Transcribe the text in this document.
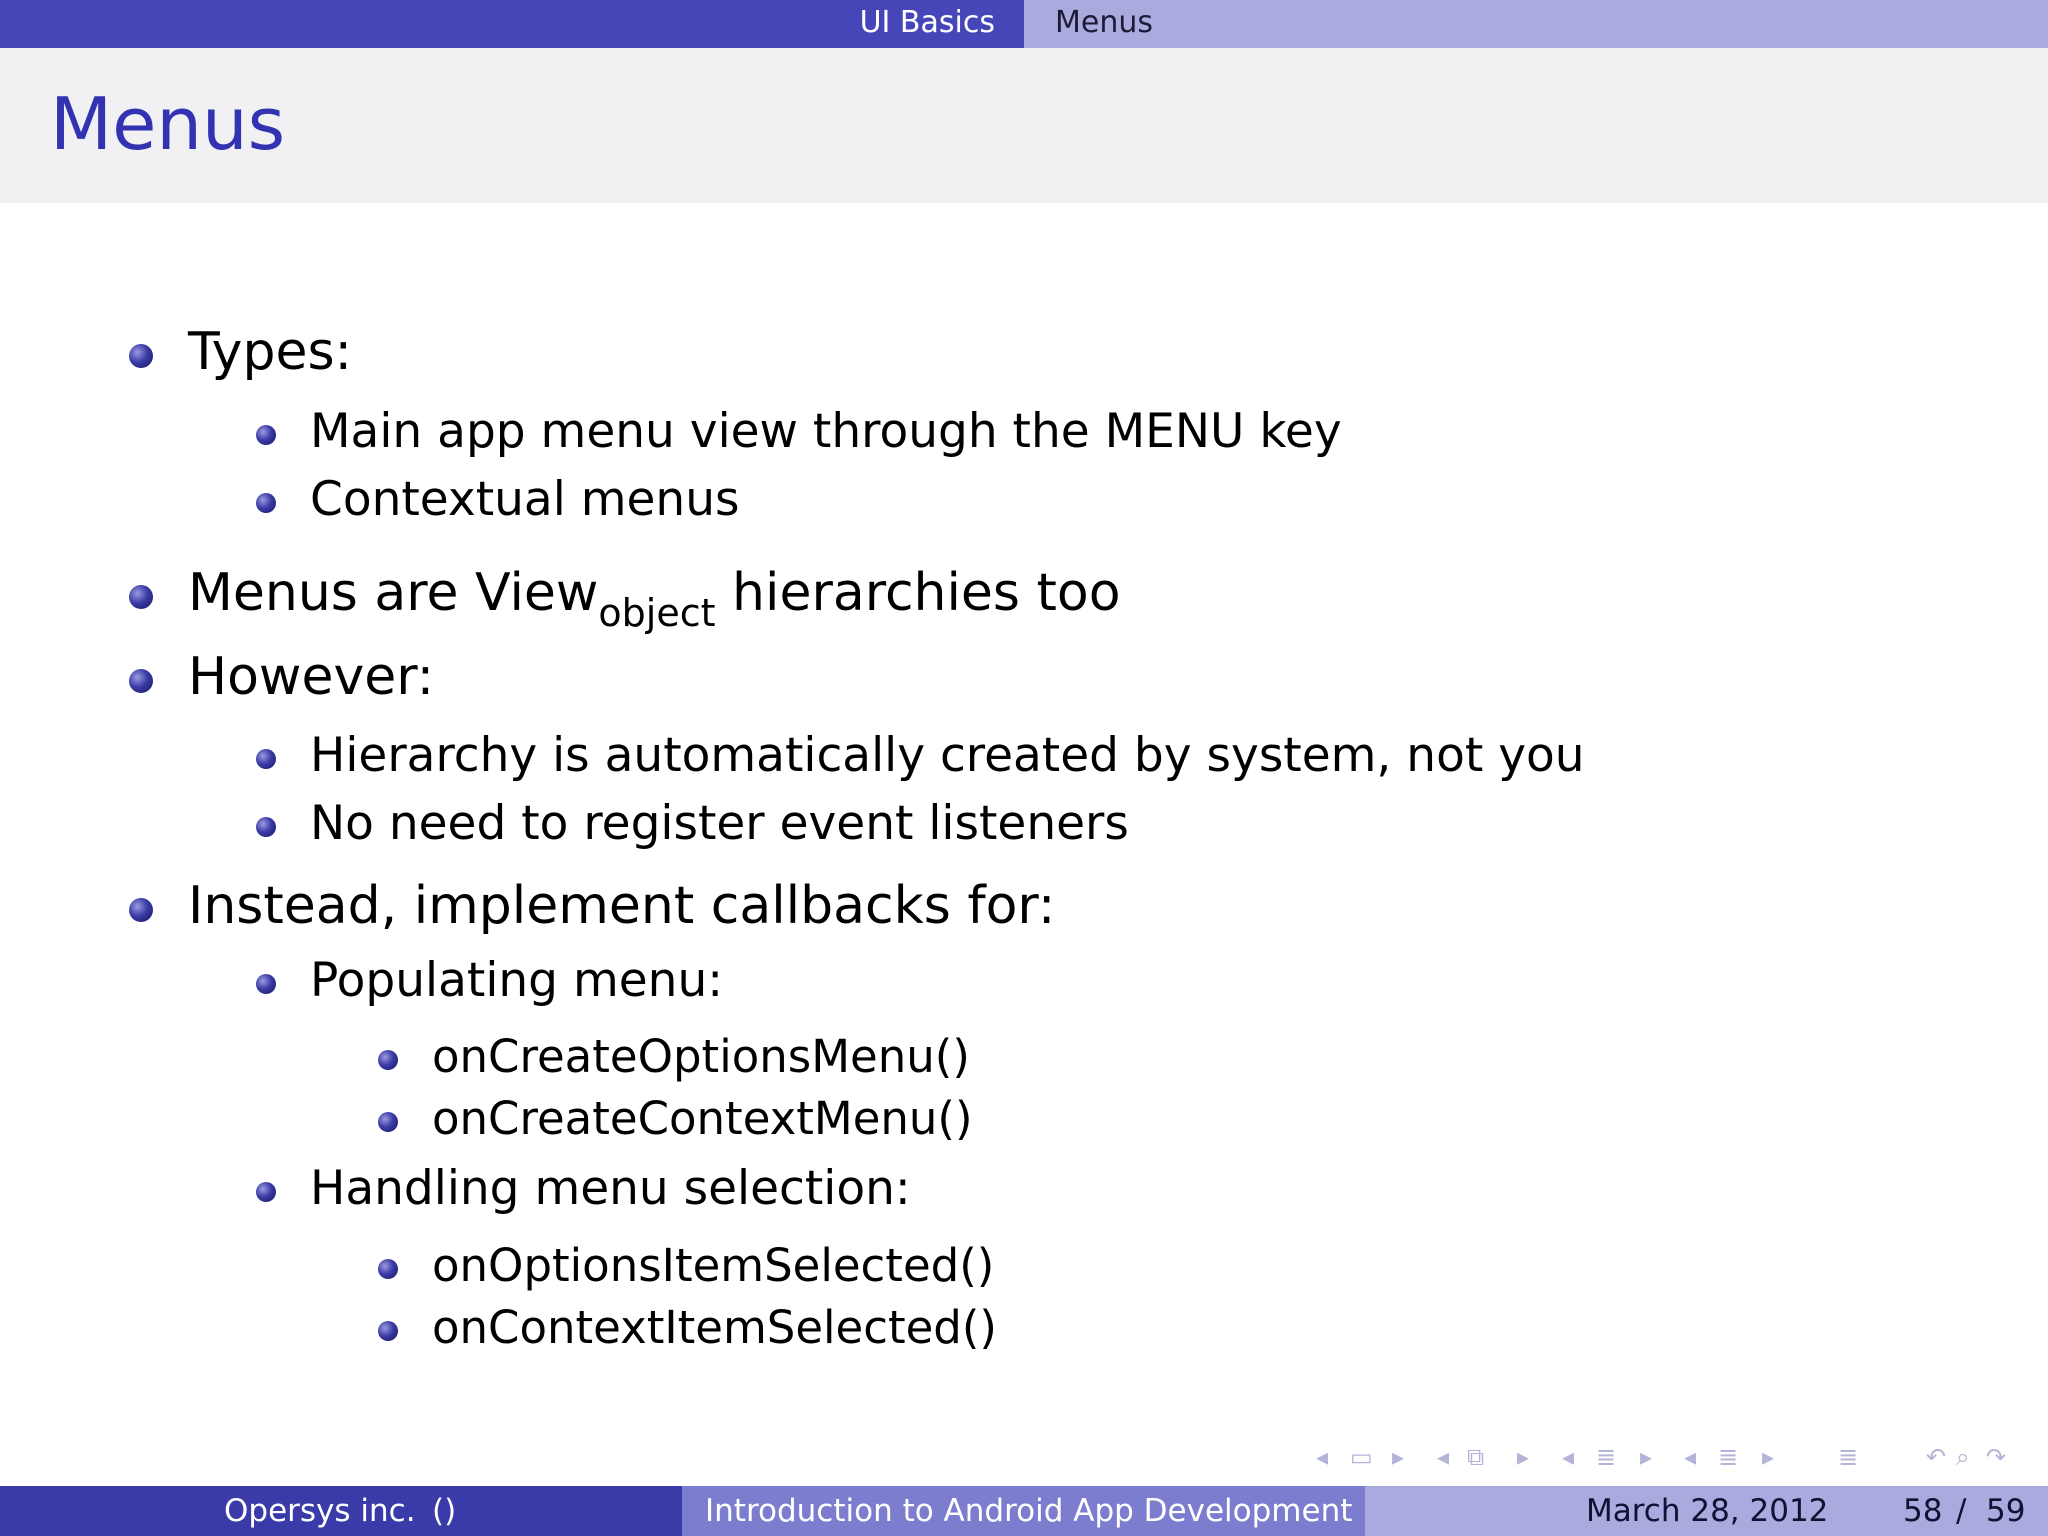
UI Basics Menus
Menus
Types:
Main app menu view through the MENU key
Contextual menus
Menus are View$_{object}$ hierarchies too
However:
Hierarchy is automatically created by system, not you
No need to register event listeners
Instead, implement callbacks for:
Populating menu:
onCreateOptionsMenu()
onCreateContextMenu()
Handling menu selection:
onOptionsItemSelected()
onContextItemSelected()
◂ ▭ ▸ ◂ ⧉ ▸ ◂ ≣ ▸ ◂ ≣ ▸	≣	↶ ⌕ ↷
Opersys inc. ()	Introduction to Android App Development	March 28, 2012 58 / 59
